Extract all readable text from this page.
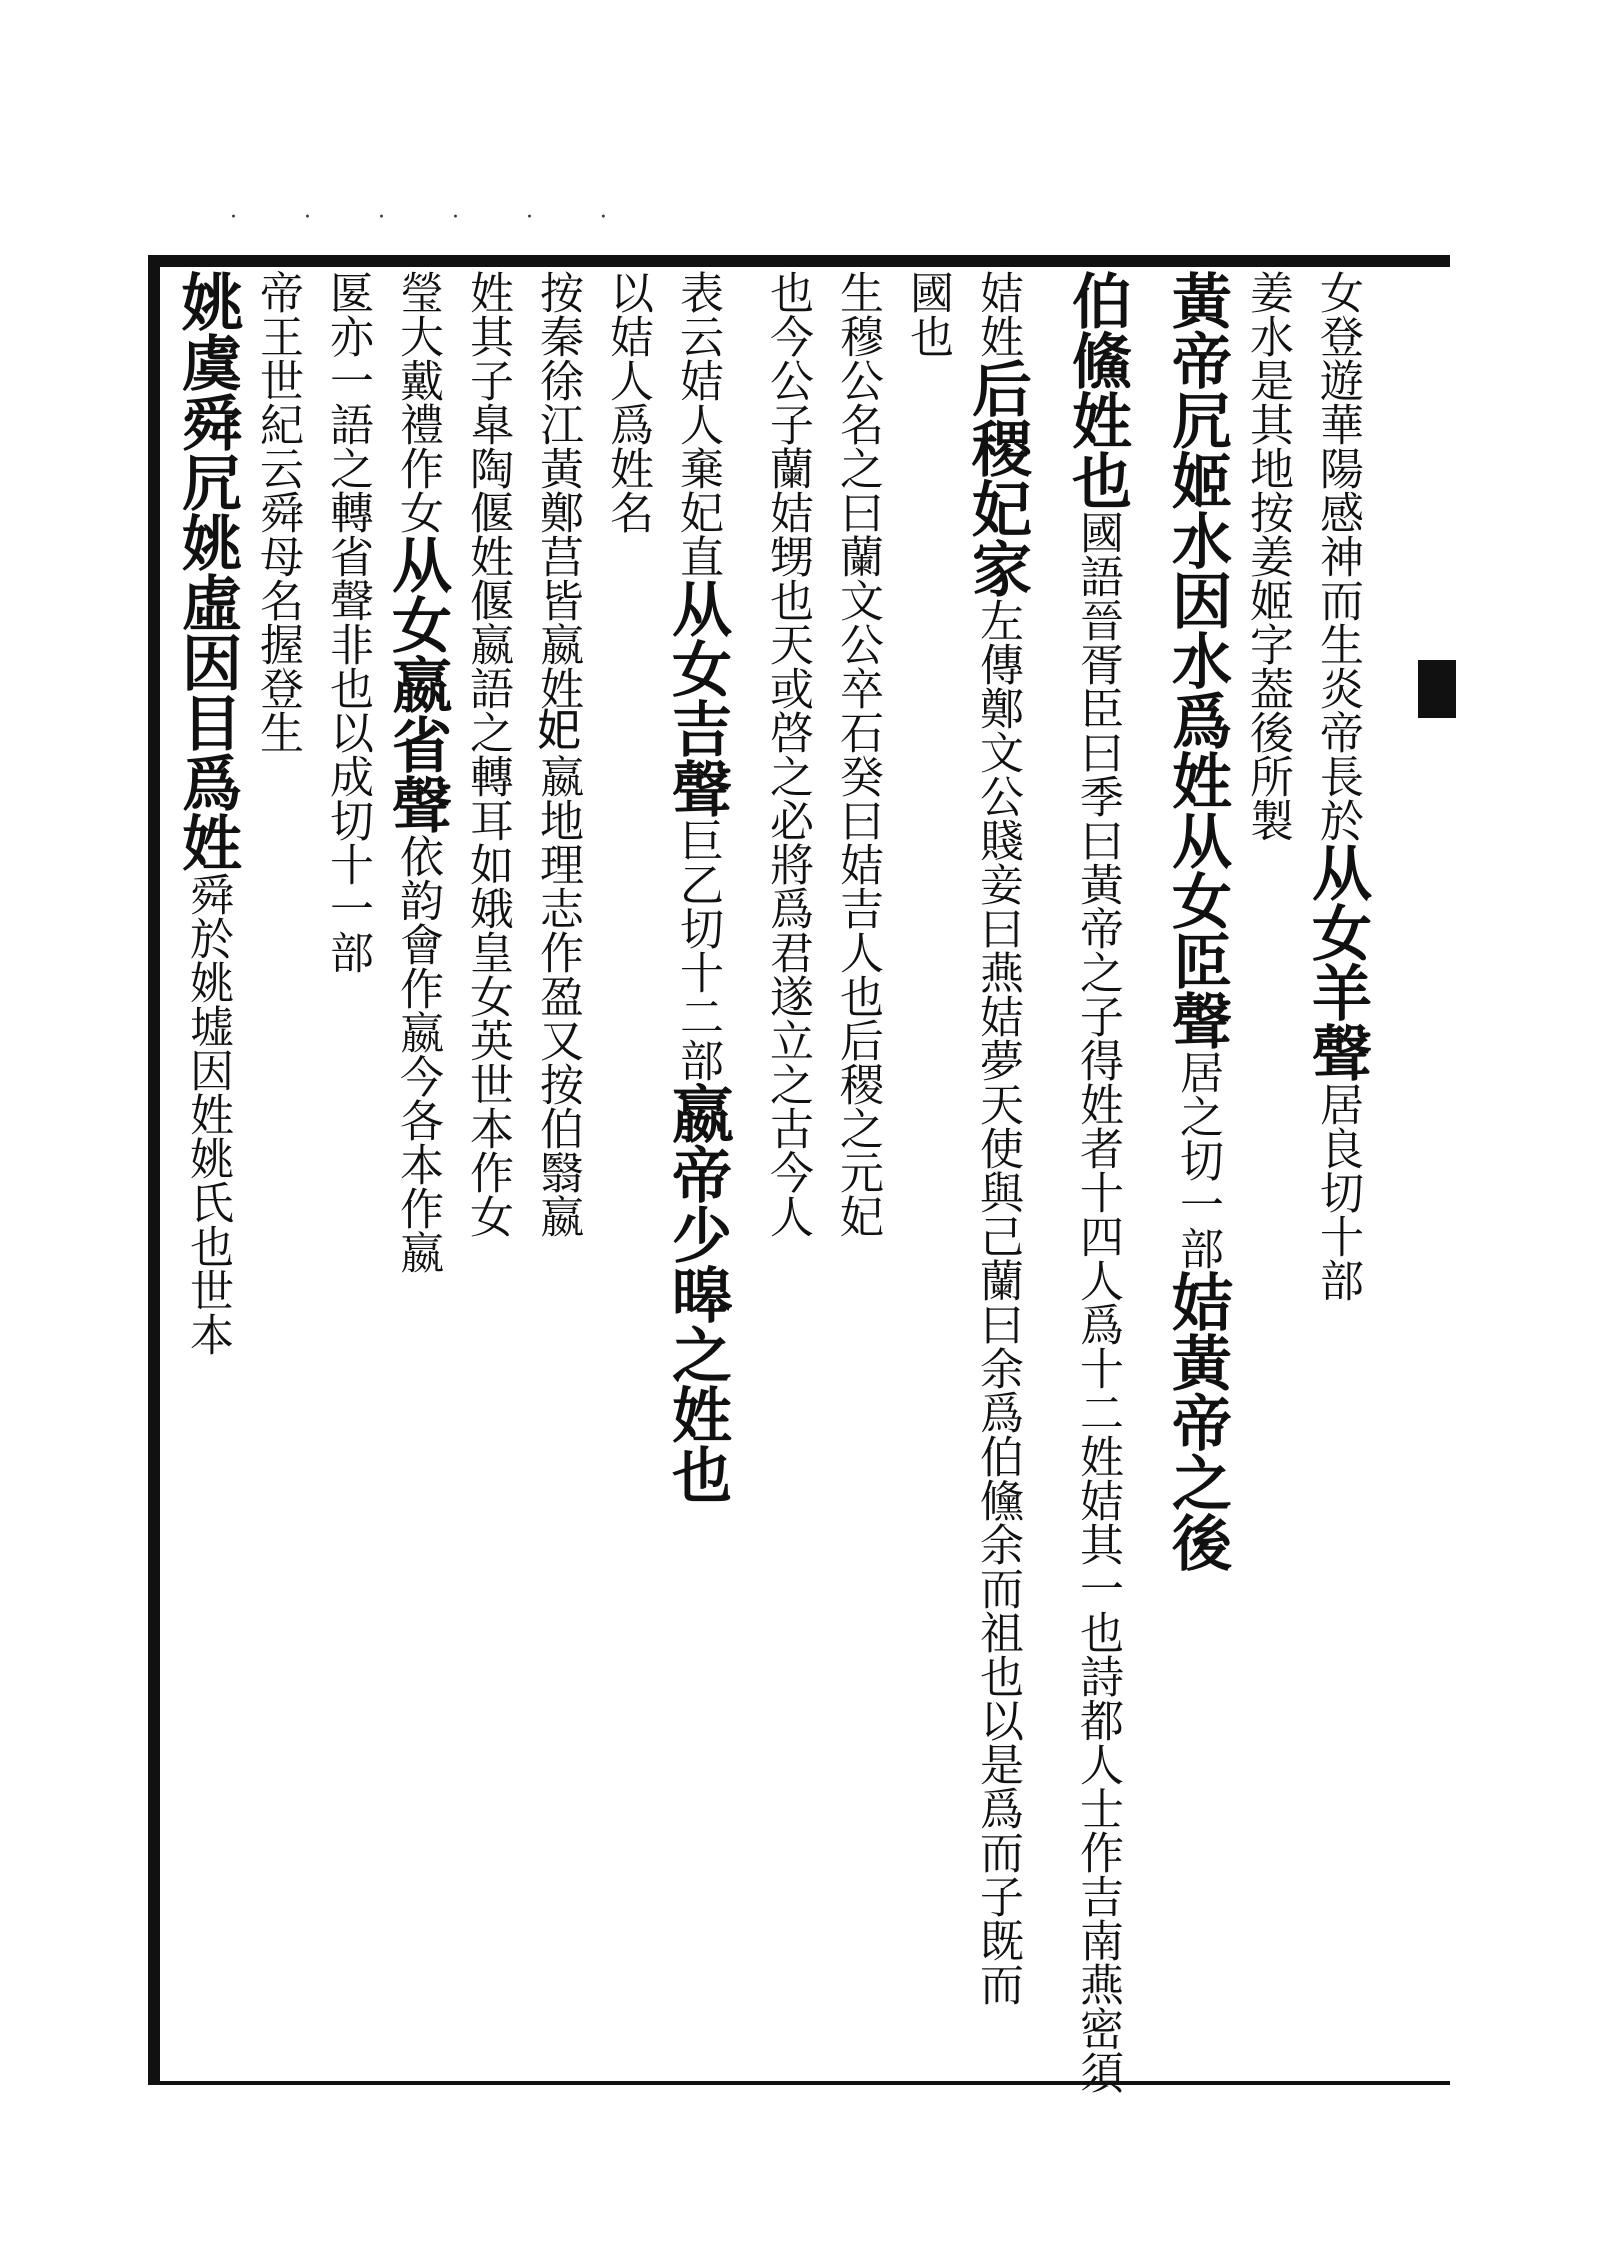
· · · · · ·
女登遊華陽感神而生炎帝長於
从女羊聲
居良切十部
姜水是其地按姜姬字葢後所製
黃帝凥姬水因水爲姓从女𦣝聲
居之切一部
姞
黃帝之後
伯鯈姓也
國語晉胥臣曰季曰黃帝之子得姓者十四人爲十二姓姞其一也詩都人士作吉南燕密須
姞姓
后稷妃家
左傳鄭文公賤妾曰燕姞夢天使與己蘭曰余爲伯儵余而祖也以是爲而子既而
國也
生穆公名之曰蘭文公卒石癸曰姞吉人也后稷之元妃
也今公子蘭姞甥也天或啓之必將爲君遂立之古今人
表云姞人棄妃直
从女吉聲
巨乙切十二部
嬴
帝少暤之姓也
以姞人爲姓名
按秦徐江黃鄭莒皆嬴姓𡚱嬴地理志作盈又按伯翳嬴
姓其子臯陶偃姓偃嬴語之轉耳如娥皇女英世本作女
瑩大戴禮作女
从女嬴省聲
依韵會作嬴今各本作嬴
匽亦一語之轉
省聲非也以成切十一部
帝王世紀云舜母名握登生
姚
虞舜凥姚虛因目爲姓
舜於姚墟因姓姚氏也世本
